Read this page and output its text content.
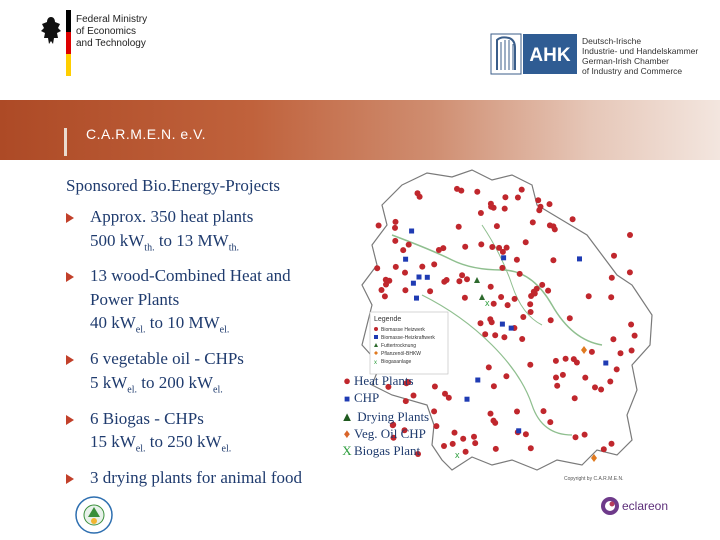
Federal Ministry
of Economics
and Technology
AHK
Deutsch-Irische
Industrie- und Handelskammer
German-Irish Chamber
of Industry and Commerce
C.A.R.M.E.N. e.V.
Sponsored Bio.Energy-Projects
Approx. 350 heat plants
500 $kW_{th.}$ to 13 $MW_{th.}$
13 wood-Combined Heat and
Power Plants
40 $kW_{el.}$ to 10 $MW_{el.}$
6 vegetable oil - CHPs
5 $kW_{el.}$ to 200 $kW_{el.}$
6 Biogas - CHPs
15 $kW_{el.}$ to 250 $kW_{el.}$
3 drying plants for animal food
Legende
Biomasse Heizwerk
Biomasse-Heizkraftwerk
Futtertrocknung
Pflanzenöl-BHKW
x Biogasanlage
x
x
Copyright by C.A.R.M.E.N.
● Heat Plants
■ CHP
▲ Drying Plants
♦ Veg. Oil CHP
X Biogas Plant
eclareon
